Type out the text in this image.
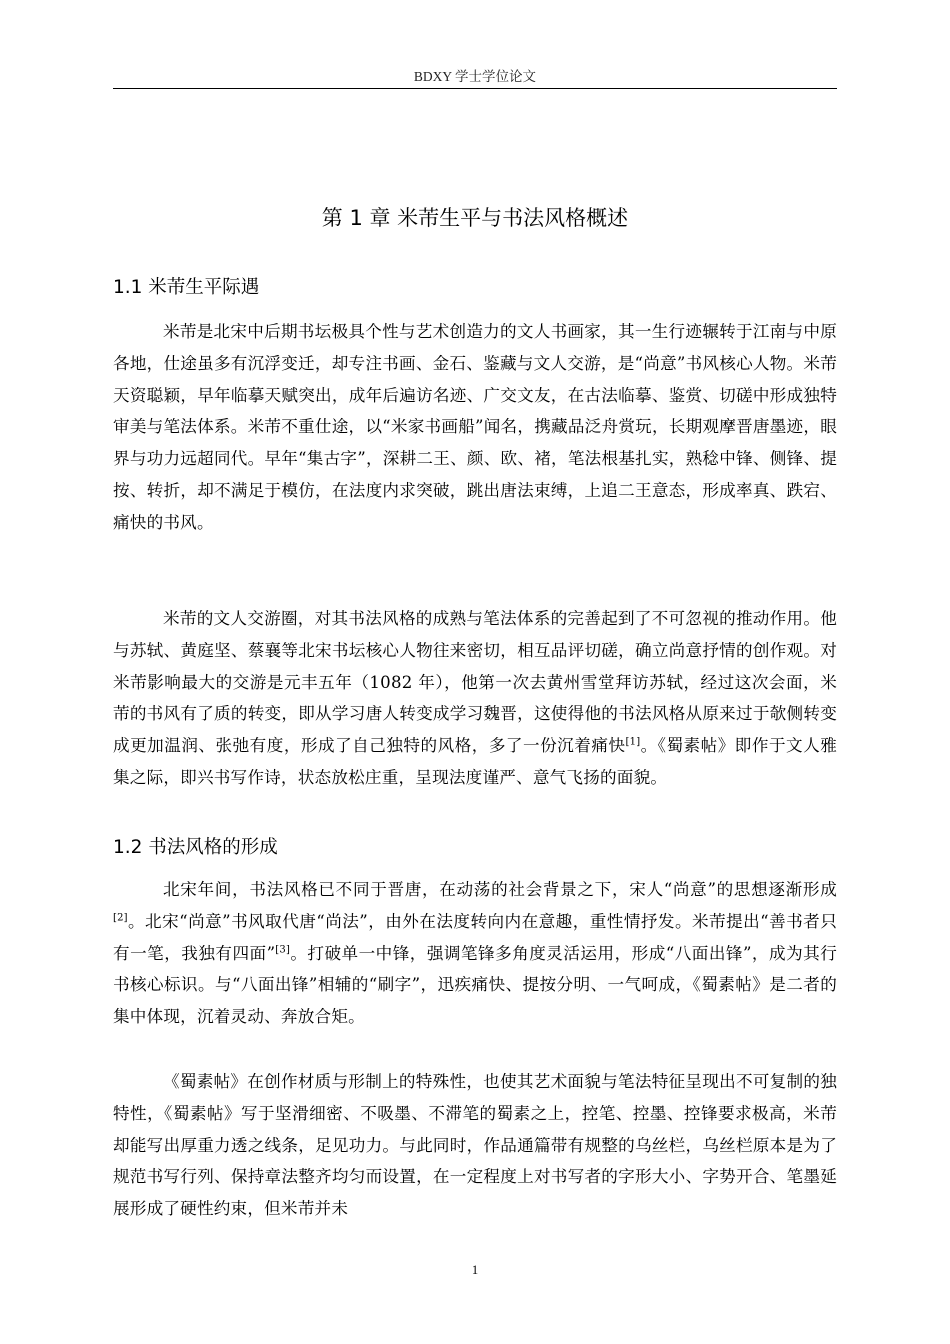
BDXY 学士学位论文
第 1 章 米芾生平与书法风格概述
1.1 米芾生平际遇

米芾是北宋中后期书坛极具个性与艺术创造力的文人书画家，其一生行迹辗转于江南与中原各地，仕途虽多有沉浮变迁，却专注书画、金石、鉴藏与文人交游，是“尚意”书风核心人物。米芾天资聪颖，早年临摹天赋突出，成年后遍访名迹、广交文友，在古法临摹、鉴赏、切磋中形成独特审美与笔法体系。米芾不重仕途，以“米家书画船”闻名，携藏品泛舟赏玩，长期观摩晋唐墨迹，眼界与功力远超同代。早年“集古字”，深耕二王、颜、欧、褚，笔法根基扎实，熟稔中锋、侧锋、提按、转折，却不满足于模仿，在法度内求突破，跳出唐法束缚，上追二王意态，形成率真、跌宕、痛快的书风。

米芾的文人交游圈，对其书法风格的成熟与笔法体系的完善起到了不可忽视的推动作用。他与苏轼、黄庭坚、蔡襄等北宋书坛核心人物往来密切，相互品评切磋，确立尚意抒情的创作观。对米芾影响最大的交游是元丰五年（1082 年），他第一次去黄州雪堂拜访苏轼，经过这次会面，米芾的书风有了质的转变，即从学习唐人转变成学习魏晋，这使得他的书法风格从原来过于欹侧转变成更加温润、张弛有度，形成了自己独特的风格，多了一份沉着痛快[1]。《蜀素帖》即作于文人雅集之际，即兴书写作诗，状态放松庄重，呈现法度谨严、意气飞扬的面貌。

1.2 书法风格的形成

北宋年间，书法风格已不同于晋唐，在动荡的社会背景之下，宋人“尚意”的思想逐渐形成[2]。北宋“尚意”书风取代唐“尚法”，由外在法度转向内在意趣，重性情抒发。米芾提出“善书者只有一笔，我独有四面”[3]。打破单一中锋，强调笔锋多角度灵活运用，形成“八面出锋”，成为其行书核心标识。与“八面出锋”相辅的“刷字”，迅疾痛快、提按分明、一气呵成，《蜀素帖》是二者的集中体现，沉着灵动、奔放合矩。

《蜀素帖》在创作材质与形制上的特殊性，也使其艺术面貌与笔法特征呈现出不可复制的独特性，《蜀素帖》写于坚滑细密、不吸墨、不滞笔的蜀素之上，控笔、控墨、控锋要求极高，米芾却能写出厚重力透之线条，足见功力。与此同时，作品通篇带有规整的乌丝栏，乌丝栏原本是为了规范书写行列、保持章法整齐均匀而设置，在一定程度上对书写者的字形大小、字势开合、笔墨延展形成了硬性约束，但米芾并未

1
